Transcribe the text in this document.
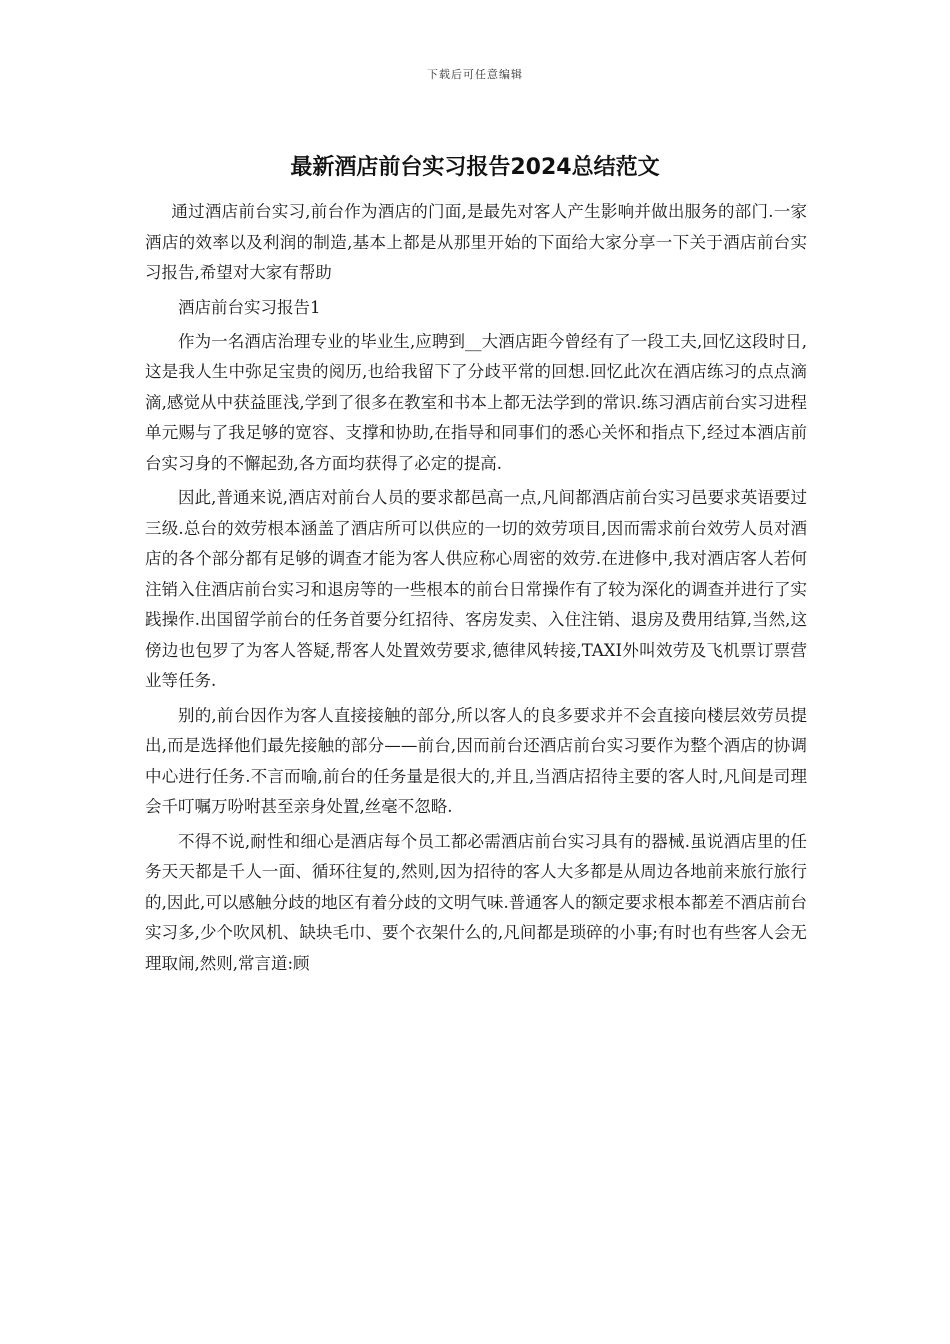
下载后可任意编辑
最新酒店前台实习报告2024总结范文

通过酒店前台实习,前台作为酒店的门面,是最先对客人产生影响并做出服务的部门.一家酒店的效率以及利润的制造,基本上都是从那里开始的下面给大家分享一下关于酒店前台实习报告,希望对大家有帮助

酒店前台实习报告1

作为一名酒店治理专业的毕业生,应聘到__大酒店距今曾经有了一段工夫,回忆这段时日,这是我人生中弥足宝贵的阅历,也给我留下了分歧平常的回想.回忆此次在酒店练习的点点滴滴,感觉从中获益匪浅,学到了很多在教室和书本上都无法学到的常识.练习酒店前台实习进程单元赐与了我足够的宽容、支撑和协助,在指导和同事们的悉心关怀和指点下,经过本酒店前台实习身的不懈起劲,各方面均获得了必定的提高.

因此,普通来说,酒店对前台人员的要求都邑高一点,凡间都酒店前台实习邑要求英语要过三级.总台的效劳根本涵盖了酒店所可以供应的一切的效劳项目,因而需求前台效劳人员对酒店的各个部分都有足够的调查才能为客人供应称心周密的效劳.在进修中,我对酒店客人若何注销入住酒店前台实习和退房等的一些根本的前台日常操作有了较为深化的调查并进行了实践操作.出国留学前台的任务首要分红招待、客房发卖、入住注销、退房及费用结算,当然,这傍边也包罗了为客人答疑,帮客人处置效劳要求,德律风转接,TAXI外叫效劳及飞机票订票营业等任务.

别的,前台因作为客人直接接触的部分,所以客人的良多要求并不会直接向楼层效劳员提出,而是选择他们最先接触的部分——前台,因而前台还酒店前台实习要作为整个酒店的协调中心进行任务.不言而喻,前台的任务量是很大的,并且,当酒店招待主要的客人时,凡间是司理会千叮嘱万吩咐甚至亲身处置,丝毫不忽略.

不得不说,耐性和细心是酒店每个员工都必需酒店前台实习具有的器械.虽说酒店里的任务天天都是千人一面、循环往复的,然则,因为招待的客人大多都是从周边各地前来旅行旅行的,因此,可以感触分歧的地区有着分歧的文明气味.普通客人的额定要求根本都差不酒店前台实习多,少个吹风机、缺块毛巾、要个衣架什么的,凡间都是琐碎的小事;有时也有些客人会无理取闹,然则,常言道:顾
